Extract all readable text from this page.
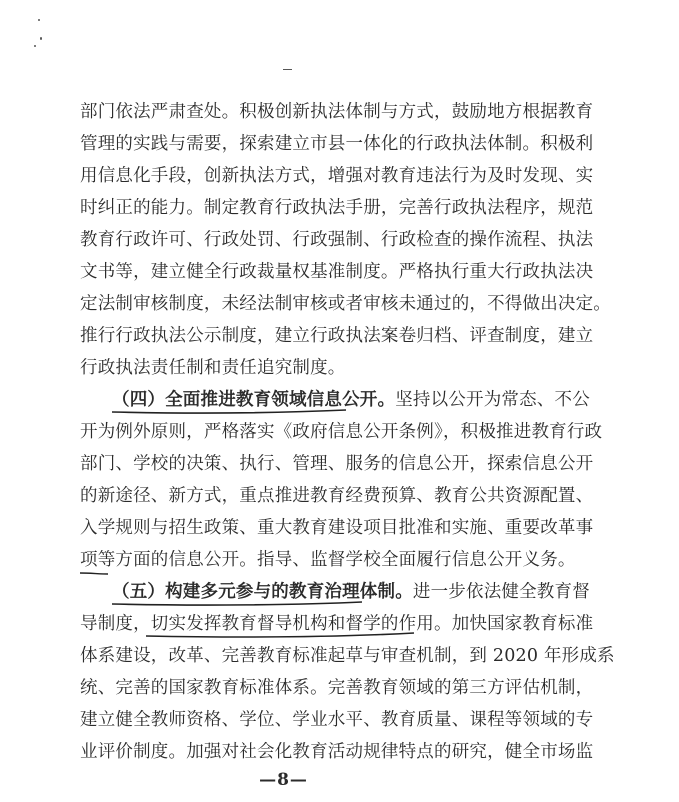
部门依法严肃查处。积极创新执法体制与方式，鼓励地方根据教育
管理的实践与需要，探索建立市县一体化的行政执法体制。积极利
用信息化手段，创新执法方式，增强对教育违法行为及时发现、实
时纠正的能力。制定教育行政执法手册，完善行政执法程序，规范
教育行政许可、行政处罚、行政强制、行政检查的操作流程、执法
文书等，建立健全行政裁量权基准制度。严格执行重大行政执法决
定法制审核制度，未经法制审核或者审核未通过的，不得做出决定。
推行行政执法公示制度，建立行政执法案卷归档、评查制度，建立
行政执法责任制和责任追究制度。
（四）全面推进教育领域信息公开。坚持以公开为常态、不公
开为例外原则，严格落实《政府信息公开条例》，积极推进教育行政
部门、学校的决策、执行、管理、服务的信息公开，探索信息公开
的新途径、新方式，重点推进教育经费预算、教育公共资源配置、
入学规则与招生政策、重大教育建设项目批准和实施、重要改革事
项等方面的信息公开。指导、监督学校全面履行信息公开义务。
（五）构建多元参与的教育治理体制。进一步依法健全教育督
导制度，切实发挥教育督导机构和督学的作用。加快国家教育标准
体系建设，改革、完善教育标准起草与审查机制，到 2020 年形成系
统、完善的国家教育标准体系。完善教育领域的第三方评估机制，
建立健全教师资格、学位、学业水平、教育质量、课程等领域的专
业评价制度。加强对社会化教育活动规律特点的研究，健全市场监
—8—
